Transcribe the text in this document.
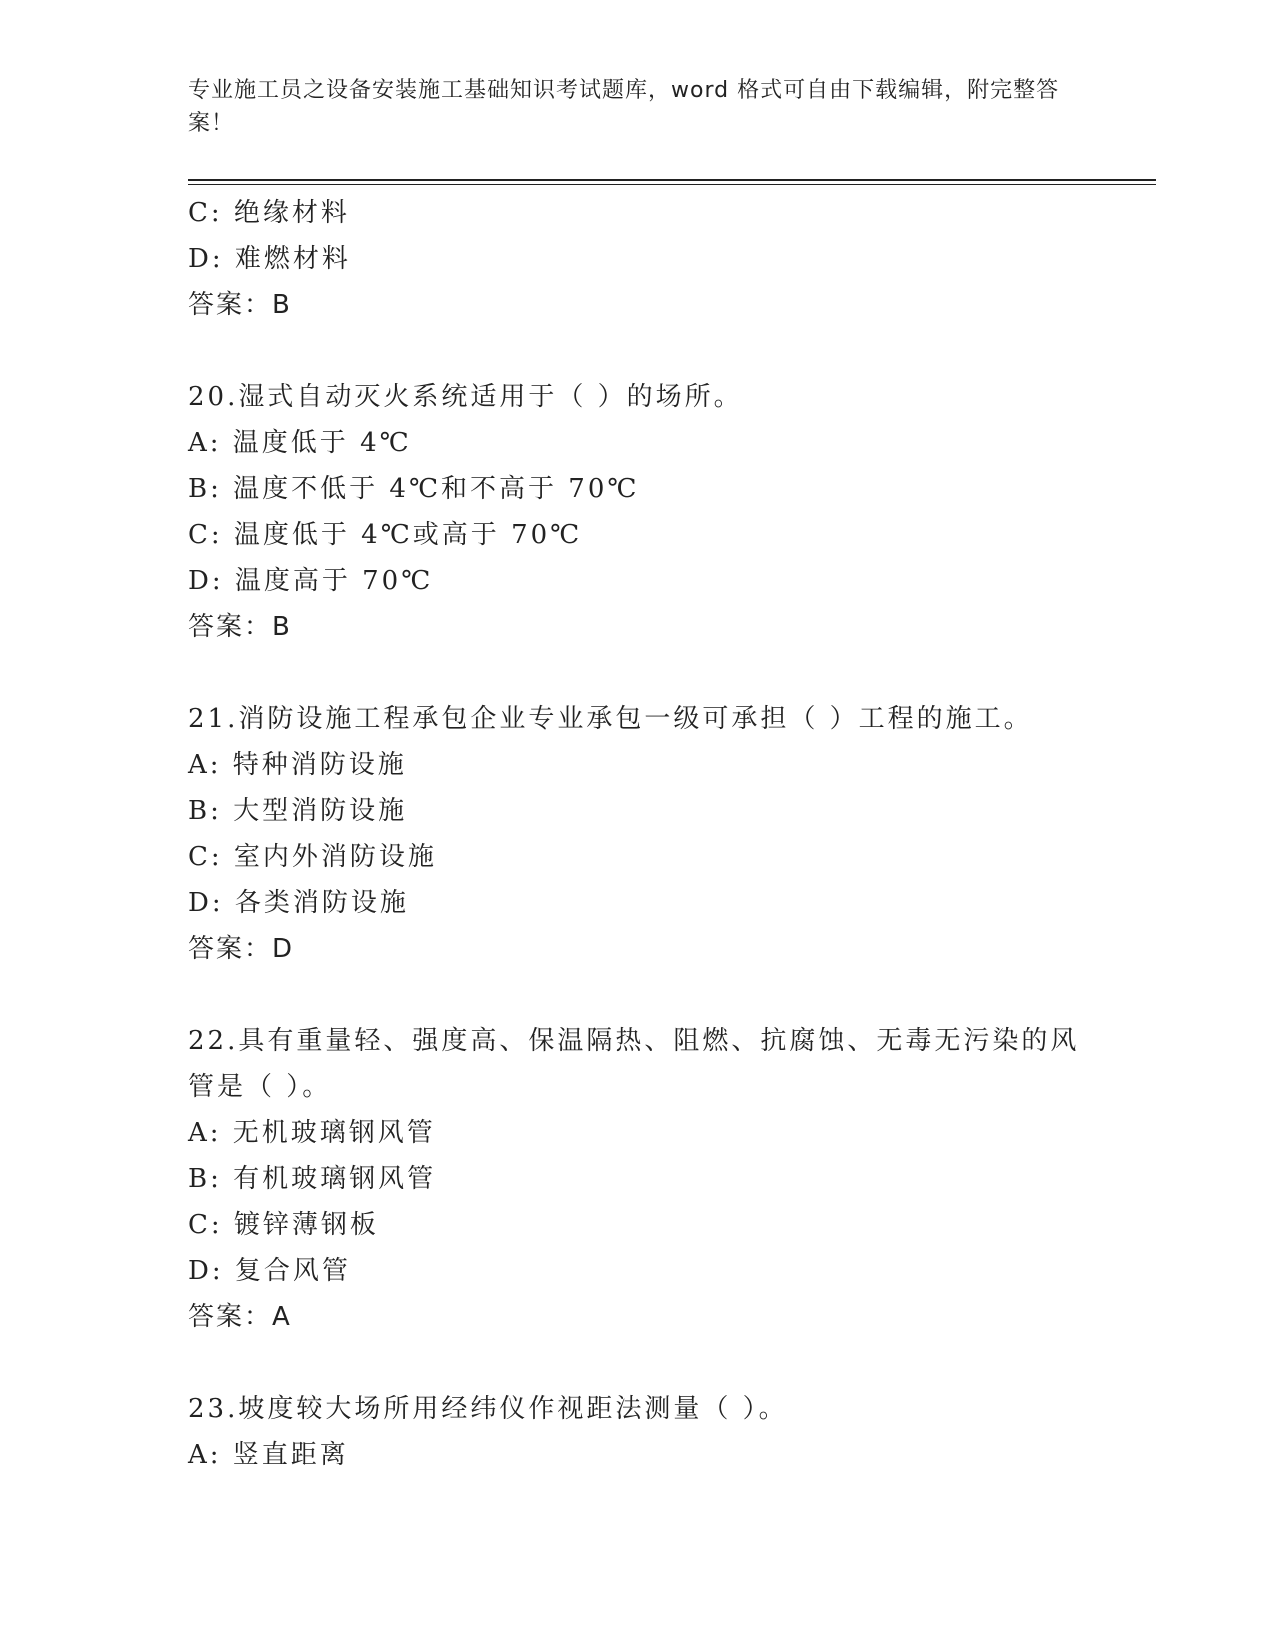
专业施工员之设备安装施工基础知识考试题库，word 格式可自由下载编辑，附完整答案！
C: 绝缘材料
D: 难燃材料
答案：B
20.湿式自动灭火系统适用于（ ）的场所。
A: 温度低于 4℃
B: 温度不低于 4℃和不高于 70℃
C: 温度低于 4℃或高于 70℃
D: 温度高于 70℃
答案：B
21.消防设施工程承包企业专业承包一级可承担（ ）工程的施工。
A: 特种消防设施
B: 大型消防设施
C: 室内外消防设施
D: 各类消防设施
答案：D
22.具有重量轻、强度高、保温隔热、阻燃、抗腐蚀、无毒无污染的风
管是（ ）。
A: 无机玻璃钢风管
B: 有机玻璃钢风管
C: 镀锌薄钢板
D: 复合风管
答案：A
23.坡度较大场所用经纬仪作视距法测量（ ）。
A: 竖直距离
